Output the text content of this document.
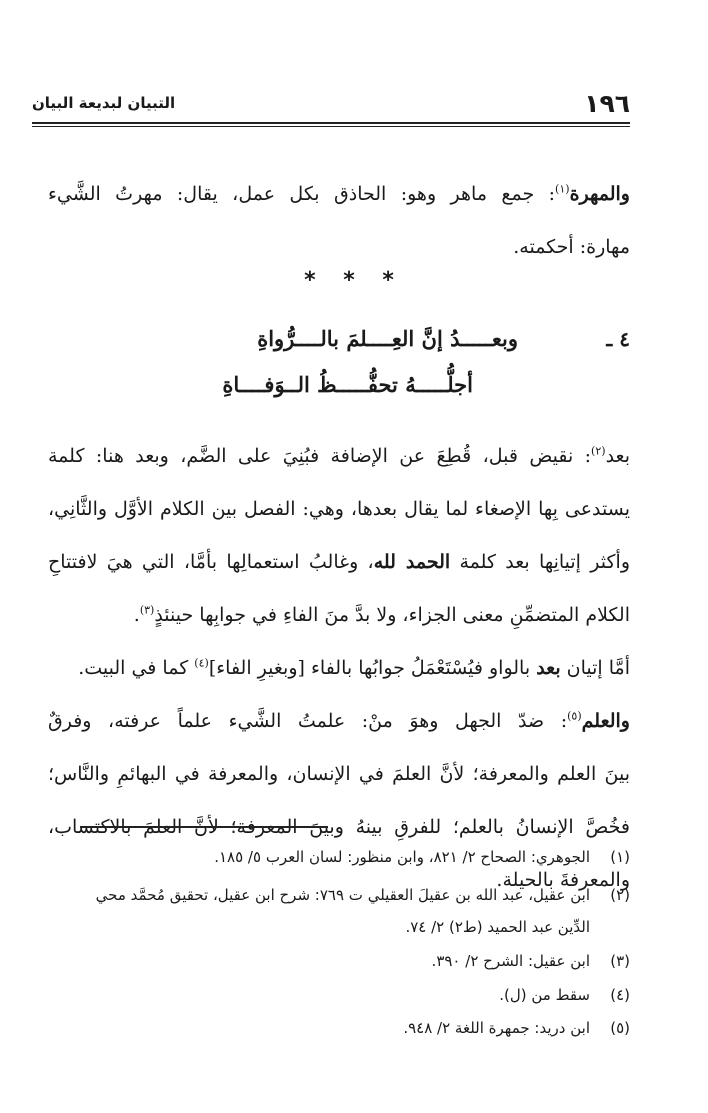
١٩٦
التبيان لبديعة البيان
والمهرة$^{(١)}$: جمع ماهر وهو: الحاذق بكل عمل، يقال: مهرتُ الشَّيء
مهارة: أحكمته.
* * *
٤ ـ
وبعـــــدُ إنَّ العِــــلمَ بالــــرُّواةِ
أجلُّـــــهُ تحفُّـــــظُ الــوَفــــاةِ
بعد$^{(٢)}$: نقيض قبل، قُطِعَ عن الإضافة فبُنِيَ على الضَّم، وبعد هنا: كلمة
يستدعى بِها الإصغاء لما يقال بعدها، وهي: الفصل بين الكلام الأوَّل والثَّانِي،
وأكثر إتيانِها بعد كلمة الحمد لله، وغالبُ استعمالِها بأمَّا، التي هيَ لافتتاحِ
الكلام المتضمِّنِ معنى الجزاء، ولا بدَّ منَ الفاءِ في جوابِها حينئذٍ$^{(٣)}$.
أمَّا إتيان بعد بالواو فيُسْتَعْمَلُ جوابُها بالفاء [وبغيرِ الفاء]$^{(٤)}$ كما في البيت.
والعلم$^{(٥)}$: ضدّ الجهل وهوَ منْ: علمتُ الشَّيء علماً عرفته، وفرقٌ
بينَ العلم والمعرفة؛ لأنَّ العلمَ في الإنسان، والمعرفة في البهائمِ والنَّاس؛
فخُصَّ الإنسانُ بالعلم؛ للفرقِ بينهُ وبينَ المعرفة؛ لأنَّ العلمَ بالاكتساب،
والمعرفةَ بالحيلة.
(١)الجوهري: الصحاح ٢/ ٨٢١، وابن منظور: لسان العرب ٥/ ١٨٥.
(٢)ابن عقيل، عبد الله بن عقيلَ العقيلي ت ٧٦٩: شرح ابن عقيل، تحقيق مُحمَّد محي
الدِّين عبد الحميد (ط٢) ٢/ ٧٤.
(٣)ابن عقيل: الشرح ٢/ ٣٩٠.
(٤)سقط من (ل).
(٥)ابن دريد: جمهرة اللغة ٢/ ٩٤٨.
